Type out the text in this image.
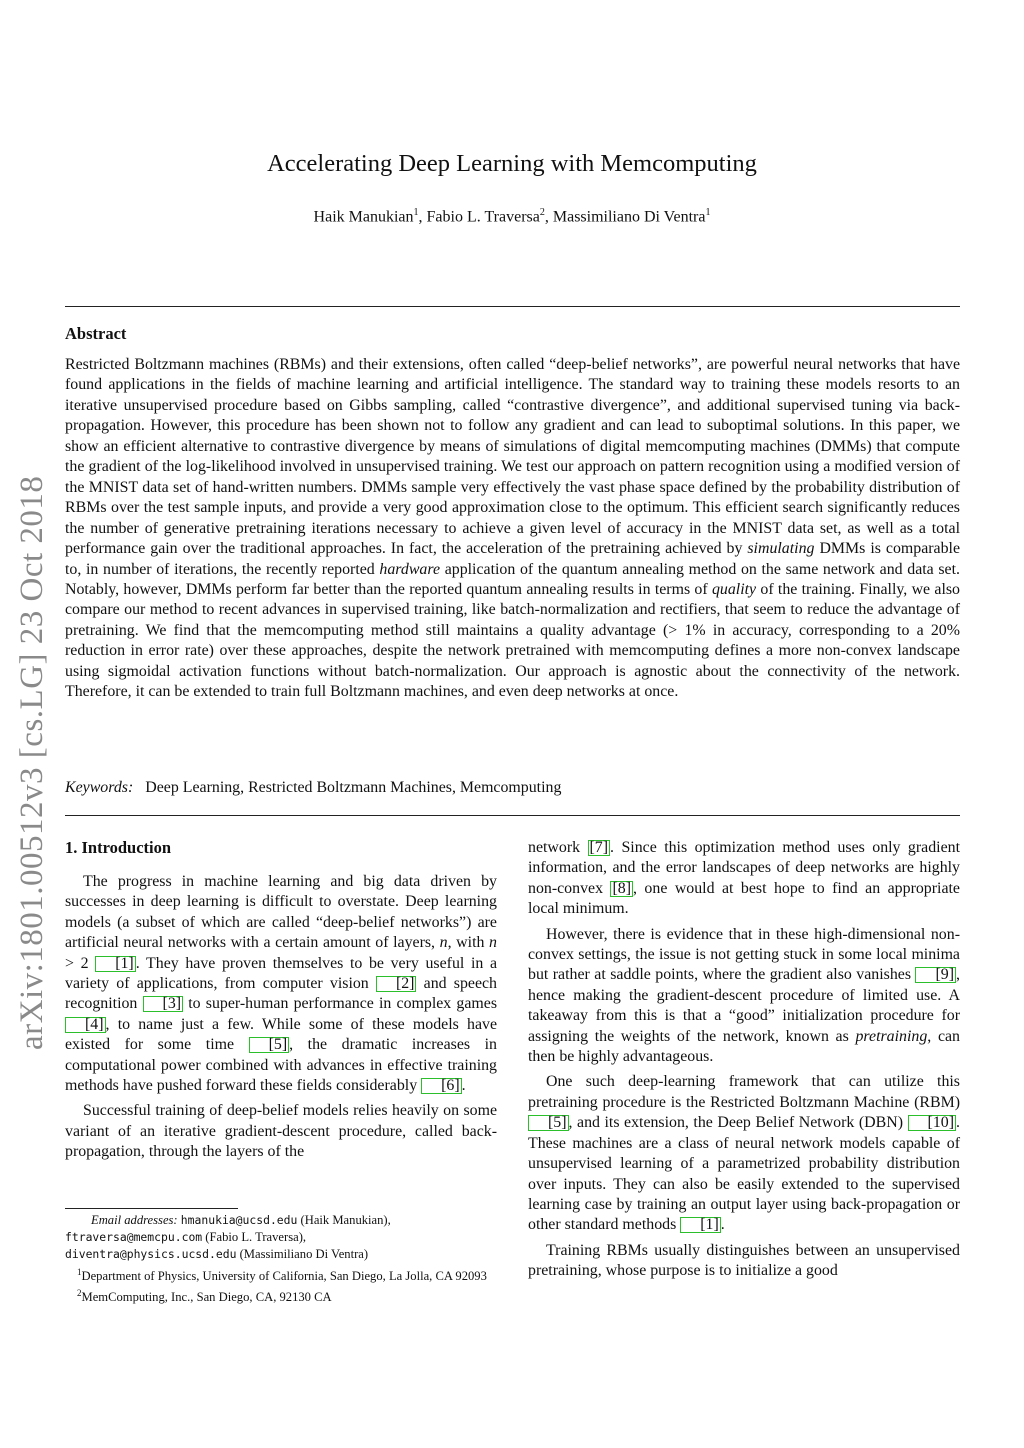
arXiv:1801.00512v3 [cs.LG] 23 Oct 2018
Accelerating Deep Learning with Memcomputing
Haik Manukian$^1$, Fabio L. Traversa$^2$, Massimiliano Di Ventra$^1$
Abstract
Restricted Boltzmann machines (RBMs) and their extensions, often called “deep-belief networks”, are powerful neural networks that have found applications in the fields of machine learning and artificial intelligence. The standard way to training these models resorts to an iterative unsupervised procedure based on Gibbs sampling, called “contrastive divergence”, and additional supervised tuning via back-propagation. However, this procedure has been shown not to follow any gradient and can lead to suboptimal solutions. In this paper, we show an efficient alternative to contrastive divergence by means of simulations of digital memcomputing machines (DMMs) that compute the gradient of the log-likelihood involved in unsupervised training. We test our approach on pattern recognition using a modified version of the MNIST data set of hand-written numbers. DMMs sample very effectively the vast phase space defined by the probability distribution of RBMs over the test sample inputs, and provide a very good approximation close to the optimum. This efficient search significantly reduces the number of generative pretraining iterations necessary to achieve a given level of accuracy in the MNIST data set, as well as a total performance gain over the traditional approaches. In fact, the acceleration of the pretraining achieved by simulating DMMs is comparable to, in number of iterations, the recently reported hardware application of the quantum annealing method on the same network and data set. Notably, however, DMMs perform far better than the reported quantum annealing results in terms of quality of the training. Finally, we also compare our method to recent advances in supervised training, like batch-normalization and rectifiers, that seem to reduce the advantage of pretraining. We find that the memcomputing method still maintains a quality advantage (> 1% in accuracy, corresponding to a 20% reduction in error rate) over these approaches, despite the network pretrained with memcomputing defines a more non-convex landscape using sigmoidal activation functions without batch-normalization. Our approach is agnostic about the connectivity of the network. Therefore, it can be extended to train full Boltzmann machines, and even deep networks at once.
Keywords: Deep Learning, Restricted Boltzmann Machines, Memcomputing
1. Introduction

The progress in machine learning and big data driven by successes in deep learning is difficult to overstate. Deep learning models (a subset of which are called “deep-belief networks”) are artificial neural networks with a certain amount of layers, n, with n > 2 [1] . They have proven themselves to be very useful in a variety of applications, from computer vision [2] and speech recognition [3] to super-human performance in complex games[4] , to name just a few. While some of these models have existed for some time [5] , the dramatic increases in computational power combined with advances in effective training methods have pushed forward these fields considerably [6] .

Successful training of deep-belief models relies heavily on some variant of an iterative gradient-descent procedure, called back-propagation, through the layers of the

network [7] . Since this optimization method uses only gradient information, and the error landscapes of deep networks are highly non-convex [8] , one would at best hope to find an appropriate local minimum.

However, there is evidence that in these high-dimensional non-convex settings, the issue is not getting stuck in some local minima but rather at saddle points, where the gradient also vanishes [9] , hence making the gradient-descent procedure of limited use. A takeaway from this is that a “good” initialization procedure for assigning the weights of the network, known as pretraining, can then be highly advantageous.

One such deep-learning framework that can utilize this pretraining procedure is the Restricted Boltzmann Machine (RBM) [5] , and its extension, the Deep Belief Network (DBN) [10] . These machines are a class of neural network models capable of unsupervised learning of a parametrized probability distribution over inputs. They can also be easily extended to the supervised learning case by training an output layer using back-propagation or other standard methods [1] .

Training RBMs usually distinguishes between an unsupervised pretraining, whose purpose is to initialize a good

Email addresses: hmanukia@ucsd.edu (Haik Manukian),
ftraversa@memcpu.com (Fabio L. Traversa),
diventra@physics.ucsd.edu (Massimiliano Di Ventra)
$^1$Department of Physics, University of California, San Diego, La Jolla, CA 92093
$^2$MemComputing, Inc., San Diego, CA, 92130 CA
